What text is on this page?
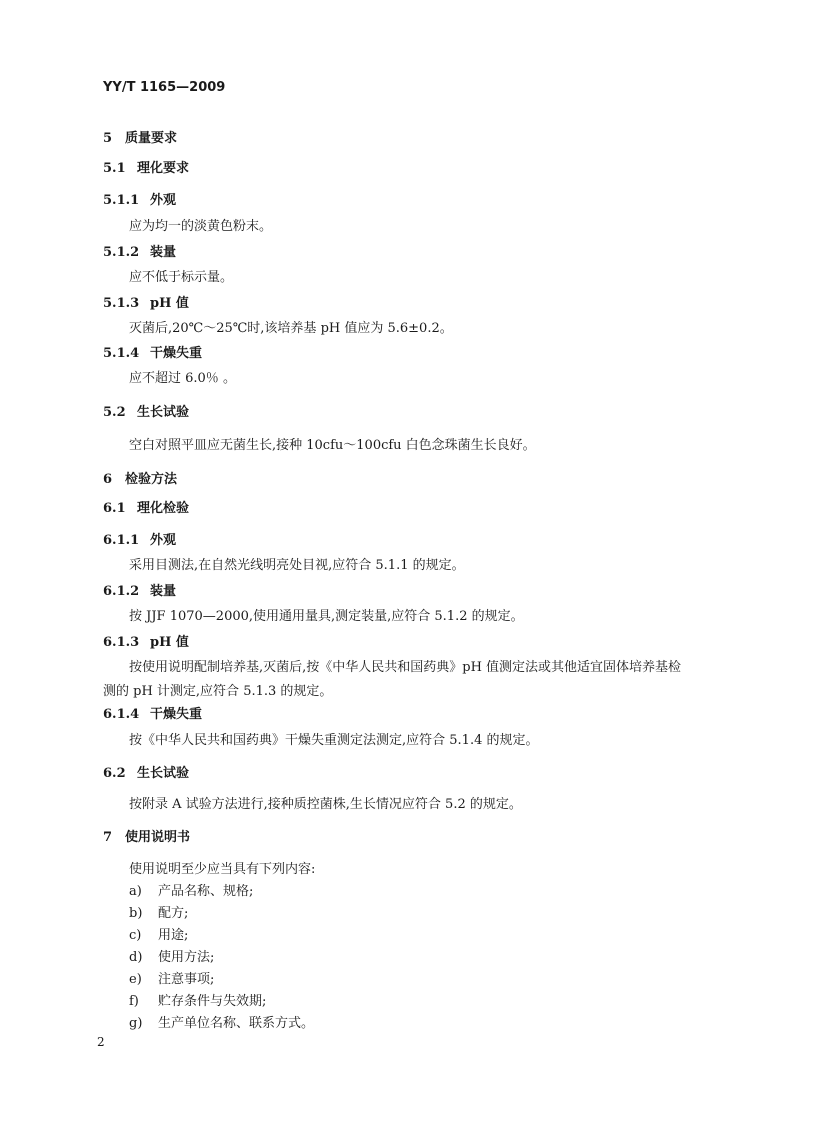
YY/T 1165—2009
5 质量要求
5.1 理化要求
5.1.1 外观
应为均一的淡黄色粉末。
5.1.2 装量
应不低于标示量。
5.1.3 pH 值
灭菌后,20℃～25℃时,该培养基 pH 值应为 5.6±0.2。
5.1.4 干燥失重
应不超过 6.0％ 。
5.2 生长试验
空白对照平皿应无菌生长,接种 10cfu～100cfu 白色念珠菌生长良好。
6 检验方法
6.1 理化检验
6.1.1 外观
采用目测法,在自然光线明亮处目视,应符合 5.1.1 的规定。
6.1.2 装量
按 JJF 1070—2000,使用通用量具,测定装量,应符合 5.1.2 的规定。
6.1.3 pH 值
按使用说明配制培养基,灭菌后,按《中华人民共和国药典》pH 值测定法或其他适宜固体培养基检
测的 pH 计测定,应符合 5.1.3 的规定。
6.1.4 干燥失重
按《中华人民共和国药典》干燥失重测定法测定,应符合 5.1.4 的规定。
6.2 生长试验
按附录 A 试验方法进行,接种质控菌株,生长情况应符合 5.2 的规定。
7 使用说明书
使用说明至少应当具有下列内容:
a) 产品名称、规格;
b) 配方;
c) 用途;
d) 使用方法;
e) 注意事项;
f) 贮存条件与失效期;
g) 生产单位名称、联系方式。
2
